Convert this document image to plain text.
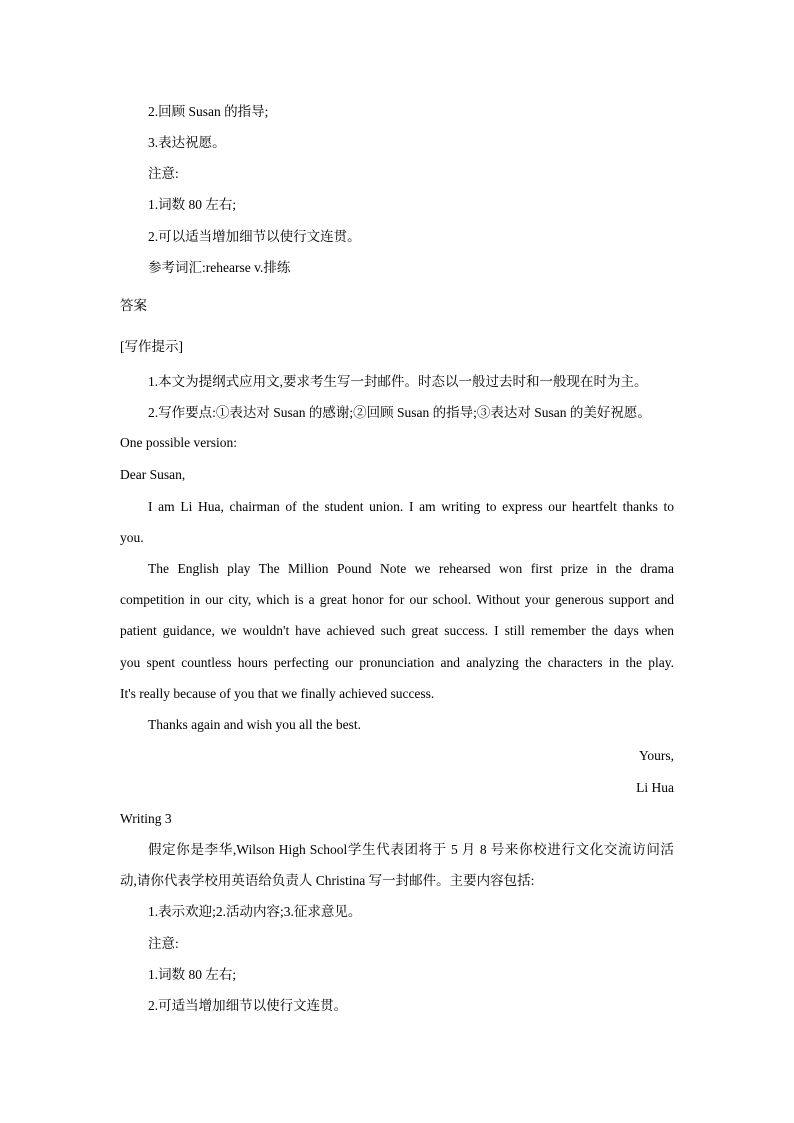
2.回顾 Susan 的指导;
3.表达祝愿。
注意:
1.词数 80 左右;
2.可以适当增加细节以使行文连贯。
参考词汇:rehearse v.排练
答案
[写作提示]
1.本文为提纲式应用文,要求考生写一封邮件。时态以一般过去时和一般现在时为主。
2.写作要点:①表达对 Susan 的感谢;②回顾 Susan 的指导;③表达对 Susan 的美好祝愿。
One possible version:
Dear Susan,
I am Li Hua, chairman of the student union. I am writing to express our heartfelt thanks to
you.
The English play The Million Pound Note we rehearsed won first prize in the drama
competition in our city, which is a great honor for our school. Without your generous support and
patient guidance, we wouldn't have achieved such great success. I still remember the days when
you spent countless hours perfecting our pronunciation and analyzing the characters in the play.
It's really because of you that we finally achieved success.
Thanks again and wish you all the best.
Yours,
Li Hua
Writing 3
假定你是李华,Wilson High School学生代表团将于 5 月 8 号来你校进行文化交流访问活
动,请你代表学校用英语给负责人 Christina 写一封邮件。主要内容包括:
1.表示欢迎;2.活动内容;3.征求意见。
注意:
1.词数 80 左右;
2.可适当增加细节以使行文连贯。
